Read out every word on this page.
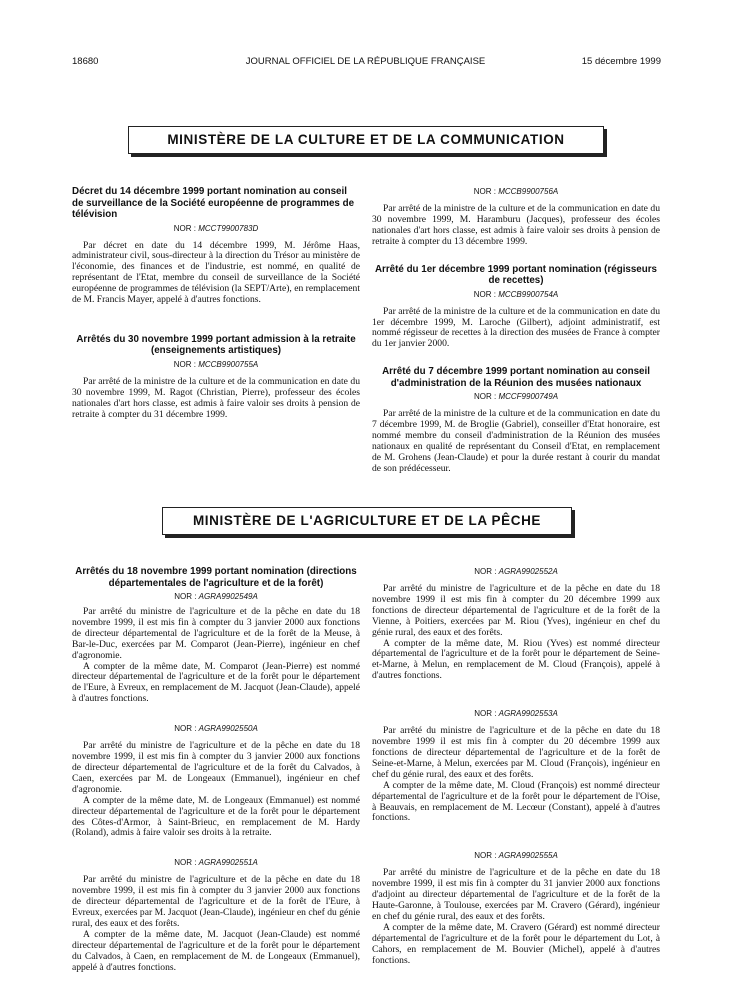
18680	JOURNAL OFFICIEL DE LA RÉPUBLIQUE FRANÇAISE	15 décembre 1999
MINISTÈRE DE LA CULTURE ET DE LA COMMUNICATION

Décret du 14 décembre 1999 portant nomination au conseil de surveillance de la Société européenne de programmes de télévision

NOR : MCCT9900783D

Par décret en date du 14 décembre 1999, M. Jérôme Haas, administrateur civil, sous-directeur à la direction du Trésor au ministère de l'économie, des finances et de l'industrie, est nommé, en qualité de représentant de l'Etat, membre du conseil de surveillance de la Société européenne de programmes de télévision (la SEPT/Arte), en remplacement de M. Francis Mayer, appelé à d'autres fonctions.

Arrêtés du 30 novembre 1999 portant admission à la retraite (enseignements artistiques)

NOR : MCCB9900755A

Par arrêté de la ministre de la culture et de la communication en date du 30 novembre 1999, M. Ragot (Christian, Pierre), professeur des écoles nationales d'art hors classe, est admis à faire valoir ses droits à pension de retraite à compter du 31 décembre 1999.

NOR : MCCB9900756A

Par arrêté de la ministre de la culture et de la communication en date du 30 novembre 1999, M. Haramburu (Jacques), professeur des écoles nationales d'art hors classe, est admis à faire valoir ses droits à pension de retraite à compter du 13 décembre 1999.

Arrêté du 1er décembre 1999 portant nomination (régisseurs de recettes)

NOR : MCCB9900754A

Par arrêté de la ministre de la culture et de la communication en date du 1er décembre 1999, M. Laroche (Gilbert), adjoint administratif, est nommé régisseur de recettes à la direction des musées de France à compter du 1er janvier 2000.

Arrêté du 7 décembre 1999 portant nomination au conseil d'administration de la Réunion des musées nationaux

NOR : MCCF9900749A

Par arrêté de la ministre de la culture et de la communication en date du 7 décembre 1999, M. de Broglie (Gabriel), conseiller d'Etat honoraire, est nommé membre du conseil d'administration de la Réunion des musées nationaux en qualité de représentant du Conseil d'Etat, en remplacement de M. Grohens (Jean-Claude) et pour la durée restant à courir du mandat de son prédécesseur.

MINISTÈRE DE L'AGRICULTURE ET DE LA PÊCHE

Arrêtés du 18 novembre 1999 portant nomination (directions départementales de l'agriculture et de la forêt)

NOR : AGRA9902549A

Par arrêté du ministre de l'agriculture et de la pêche en date du 18 novembre 1999, il est mis fin à compter du 3 janvier 2000 aux fonctions de directeur départemental de l'agriculture et de la forêt de la Meuse, à Bar-le-Duc, exercées par M. Comparot (Jean-Pierre), ingénieur en chef d'agronomie.

A compter de la même date, M. Comparot (Jean-Pierre) est nommé directeur départemental de l'agriculture et de la forêt pour le département de l'Eure, à Evreux, en remplacement de M. Jacquot (Jean-Claude), appelé à d'autres fonctions.

NOR : AGRA9902550A

Par arrêté du ministre de l'agriculture et de la pêche en date du 18 novembre 1999, il est mis fin à compter du 3 janvier 2000 aux fonctions de directeur départemental de l'agriculture et de la forêt du Calvados, à Caen, exercées par M. de Longeaux (Emmanuel), ingénieur en chef d'agronomie.

A compter de la même date, M. de Longeaux (Emmanuel) est nommé directeur départemental de l'agriculture et de la forêt pour le département des Côtes-d'Armor, à Saint-Brieuc, en remplacement de M. Hardy (Roland), admis à faire valoir ses droits à la retraite.

NOR : AGRA9902551A

Par arrêté du ministre de l'agriculture et de la pêche en date du 18 novembre 1999, il est mis fin à compter du 3 janvier 2000 aux fonctions de directeur départemental de l'agriculture et de la forêt de l'Eure, à Evreux, exercées par M. Jacquot (Jean-Claude), ingénieur en chef du génie rural, des eaux et des forêts.

A compter de la même date, M. Jacquot (Jean-Claude) est nommé directeur départemental de l'agriculture et de la forêt pour le département du Calvados, à Caen, en remplacement de M. de Longeaux (Emmanuel), appelé à d'autres fonctions.

NOR : AGRA9902552A

Par arrêté du ministre de l'agriculture et de la pêche en date du 18 novembre 1999 il est mis fin à compter du 20 décembre 1999 aux fonctions de directeur départemental de l'agriculture et de la forêt de la Vienne, à Poitiers, exercées par M. Riou (Yves), ingénieur en chef du génie rural, des eaux et des forêts.

A compter de la même date, M. Riou (Yves) est nommé directeur départemental de l'agriculture et de la forêt pour le département de Seine-et-Marne, à Melun, en remplacement de M. Cloud (François), appelé à d'autres fonctions.

NOR : AGRA9902553A

Par arrêté du ministre de l'agriculture et de la pêche en date du 18 novembre 1999 il est mis fin à compter du 20 décembre 1999 aux fonctions de directeur départemental de l'agriculture et de la forêt de Seine-et-Marne, à Melun, exercées par M. Cloud (François), ingénieur en chef du génie rural, des eaux et des forêts.

A compter de la même date, M. Cloud (François) est nommé directeur départemental de l'agriculture et de la forêt pour le département de l'Oise, à Beauvais, en remplacement de M. Lecœur (Constant), appelé à d'autres fonctions.

NOR : AGRA9902555A

Par arrêté du ministre de l'agriculture et de la pêche en date du 18 novembre 1999, il est mis fin à compter du 31 janvier 2000 aux fonctions d'adjoint au directeur départemental de l'agriculture et de la forêt de la Haute-Garonne, à Toulouse, exercées par M. Cravero (Gérard), ingénieur en chef du génie rural, des eaux et des forêts.

A compter de la même date, M. Cravero (Gérard) est nommé directeur départemental de l'agriculture et de la forêt pour le département du Lot, à Cahors, en remplacement de M. Bouvier (Michel), appelé à d'autres fonctions.
